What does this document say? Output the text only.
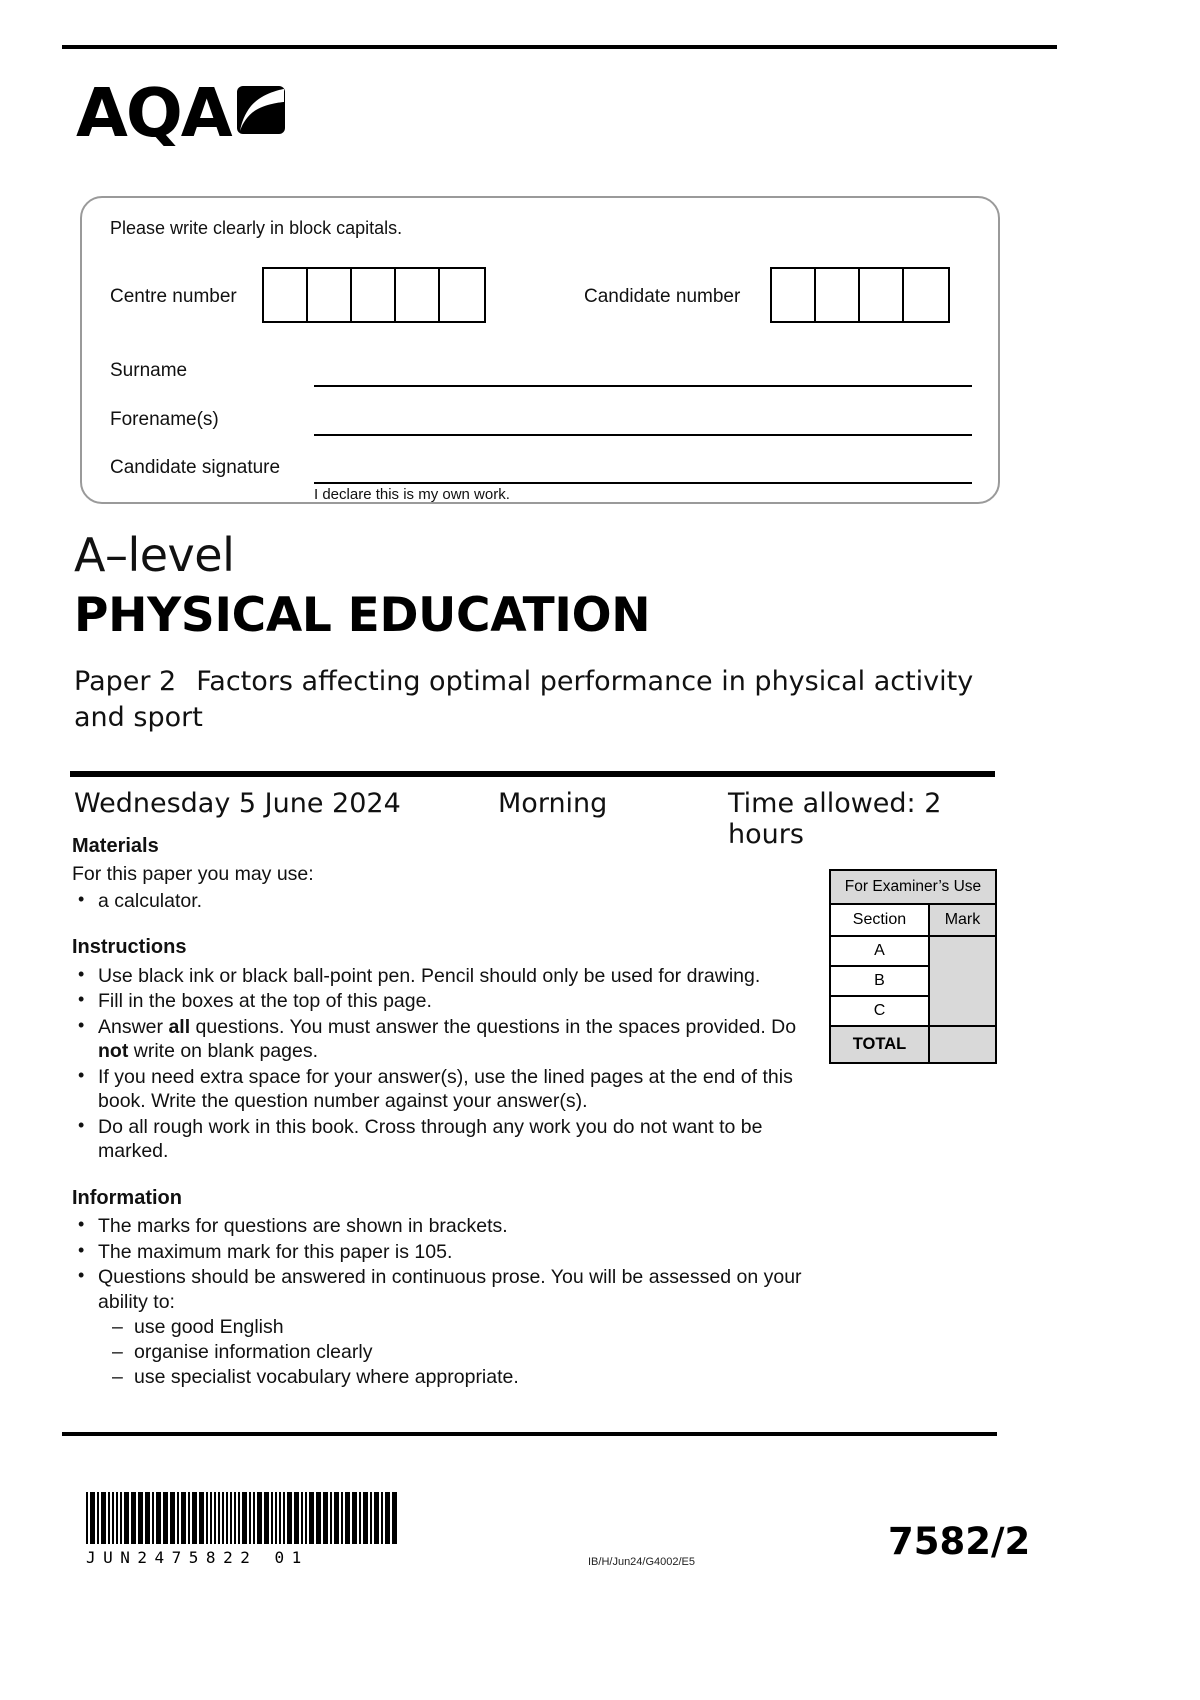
AQA
Please write clearly in block capitals.
Centre number	Candidate number
Surname
Forename(s)
Candidate signature
I declare this is my own work.
A–level
PHYSICAL EDUCATION
Paper 2 Factors affecting optimal performance in physical activity and sport
Wednesday 5 June 2024	Morning	Time allowed: 2 hours

Materials

For this paper you may use:

• a calculator.

Instructions

• Use black ink or black ball-point pen. Pencil should only be used for drawing.
• Fill in the boxes at the top of this page.
• Answer all questions. You must answer the questions in the spaces provided. Do not write on blank pages.
• If you need extra space for your answer(s), use the lined pages at the end of this book. Write the question number against your answer(s).
• Do all rough work in this book. Cross through any work you do not want to be marked.

Information

• The marks for questions are shown in brackets.
• The maximum mark for this paper is 105.
• Questions should be answered in continuous prose. You will be assessed on your ability to:
– use good English
– organise information clearly
– use specialist vocabulary where appropriate.
For Examiner’s Use	
Section	Mark
A	
B	
C	
TOTAL	
JUN2475822 01	IB/H/Jun24/G4002/E5	7582/2
